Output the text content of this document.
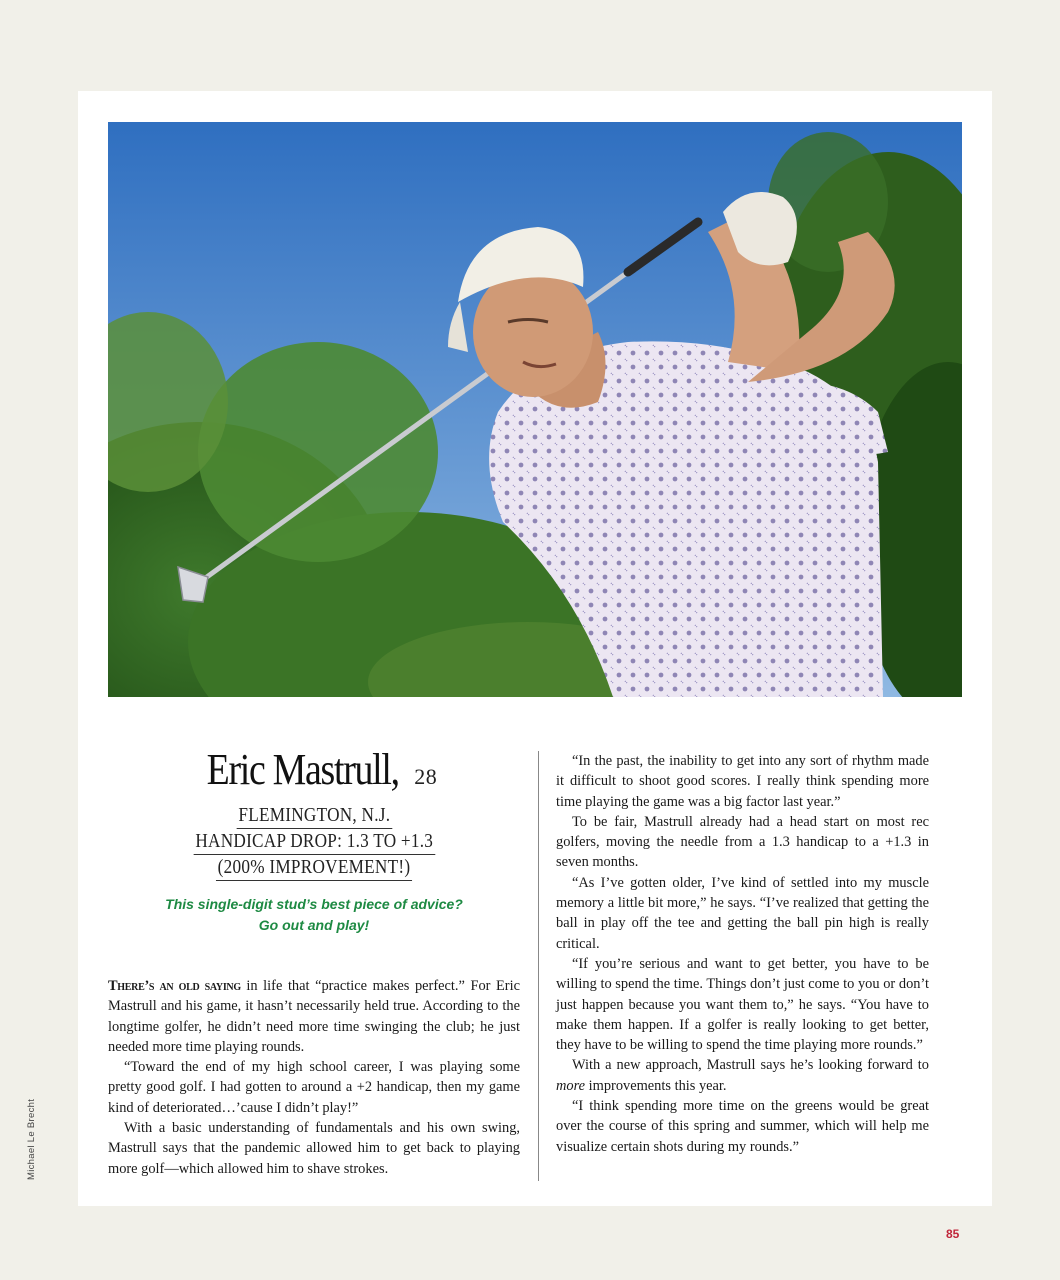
Michael Le Brecht
Eric Mastrull, 28
FLEMINGTON, N.J.
HANDICAP DROP: 1.3 TO +1.3
(200% IMPROVEMENT!)
This single-digit stud’s best piece of advice?
Go out and play!

There’s an old saying in life that “practice makes perfect.” For Eric Mastrull and his game, it hasn’t necessarily held true. According to the longtime golfer, he didn’t need more time swinging the club; he just needed more time playing rounds.

“Toward the end of my high school career, I was playing some pretty good golf. I had gotten to around a +2 handicap, then my game kind of deteriorated…’cause I didn’t play!”

With a basic understanding of fundamentals and his own swing, Mastrull says that the pandemic allowed him to get back to playing more golf—which allowed him to shave strokes.

“In the past, the inability to get into any sort of rhythm made it difficult to shoot good scores. I really think spending more time playing the game was a big factor last year.”

To be fair, Mastrull already had a head start on most rec golfers, moving the needle from a 1.3 handicap to a +1.3 in seven months.

“As I’ve gotten older, I’ve kind of settled into my muscle memory a little bit more,” he says. “I’ve realized that getting the ball in play off the tee and getting the ball pin high is really critical.

“If you’re serious and want to get better, you have to be willing to spend the time. Things don’t just come to you or don’t just happen because you want them to,” he says. “You have to make them happen. If a golfer is really looking to get better, they have to be willing to spend the time playing more rounds.”

With a new approach, Mastrull says he’s looking forward to more improvements this year.

“I think spending more time on the greens would be great over the course of this spring and summer, which will help me visualize certain shots during my rounds.”

85
